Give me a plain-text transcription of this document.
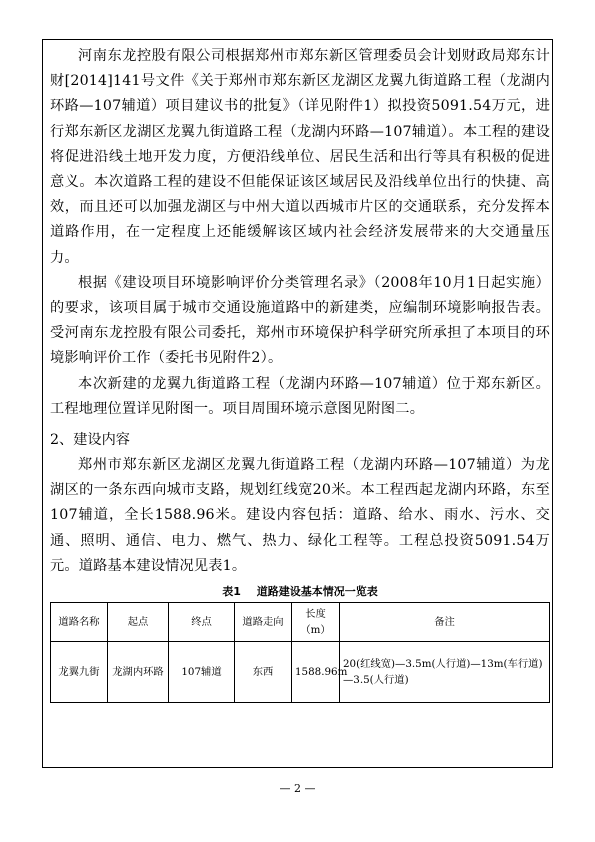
河南东龙控股有限公司根据郑州市郑东新区管理委员会计划财政局郑东计财[2014]141号文件《关于郑州市郑东新区龙湖区龙翼九街道路工程（龙湖内环路—107辅道）项目建议书的批复》（详见附件1）拟投资5091.54万元，进行郑东新区龙湖区龙翼九街道路工程（龙湖内环路—107辅道）。本工程的建设将促进沿线土地开发力度，方便沿线单位、居民生活和出行等具有积极的促进意义。本次道路工程的建设不但能保证该区域居民及沿线单位出行的快捷、高效，而且还可以加强龙湖区与中州大道以西城市片区的交通联系，充分发挥本道路作用，在一定程度上还能缓解该区域内社会经济发展带来的大交通量压力。

根据《建设项目环境影响评价分类管理名录》（2008年10月1日起实施）的要求，该项目属于城市交通设施道路中的新建类，应编制环境影响报告表。受河南东龙控股有限公司委托，郑州市环境保护科学研究所承担了本项目的环境影响评价工作（委托书见附件2）。

本次新建的龙翼九街道路工程（龙湖内环路—107辅道）位于郑东新区。工程地理位置详见附图一。项目周围环境示意图见附图二。

2、建设内容

郑州市郑东新区龙湖区龙翼九街道路工程（龙湖内环路—107辅道）为龙湖区的一条东西向城市支路，规划红线宽20米。本工程西起龙湖内环路，东至107辅道，全长1588.96米。建设内容包括：道路、给水、雨水、污水、交通、照明、通信、电力、燃气、热力、绿化工程等。工程总投资5091.54万元。道路基本建设情况见表1。

表1 道路建设基本情况一览表
道路名称	起点	终点	道路走向	长度（m）	备注
龙翼九街	龙湖内环路	107辅道	东西	1588.96m	20(红线宽)—3.5m(人行道)—13m(车行道)—3.5(人行道)
— 2 —
